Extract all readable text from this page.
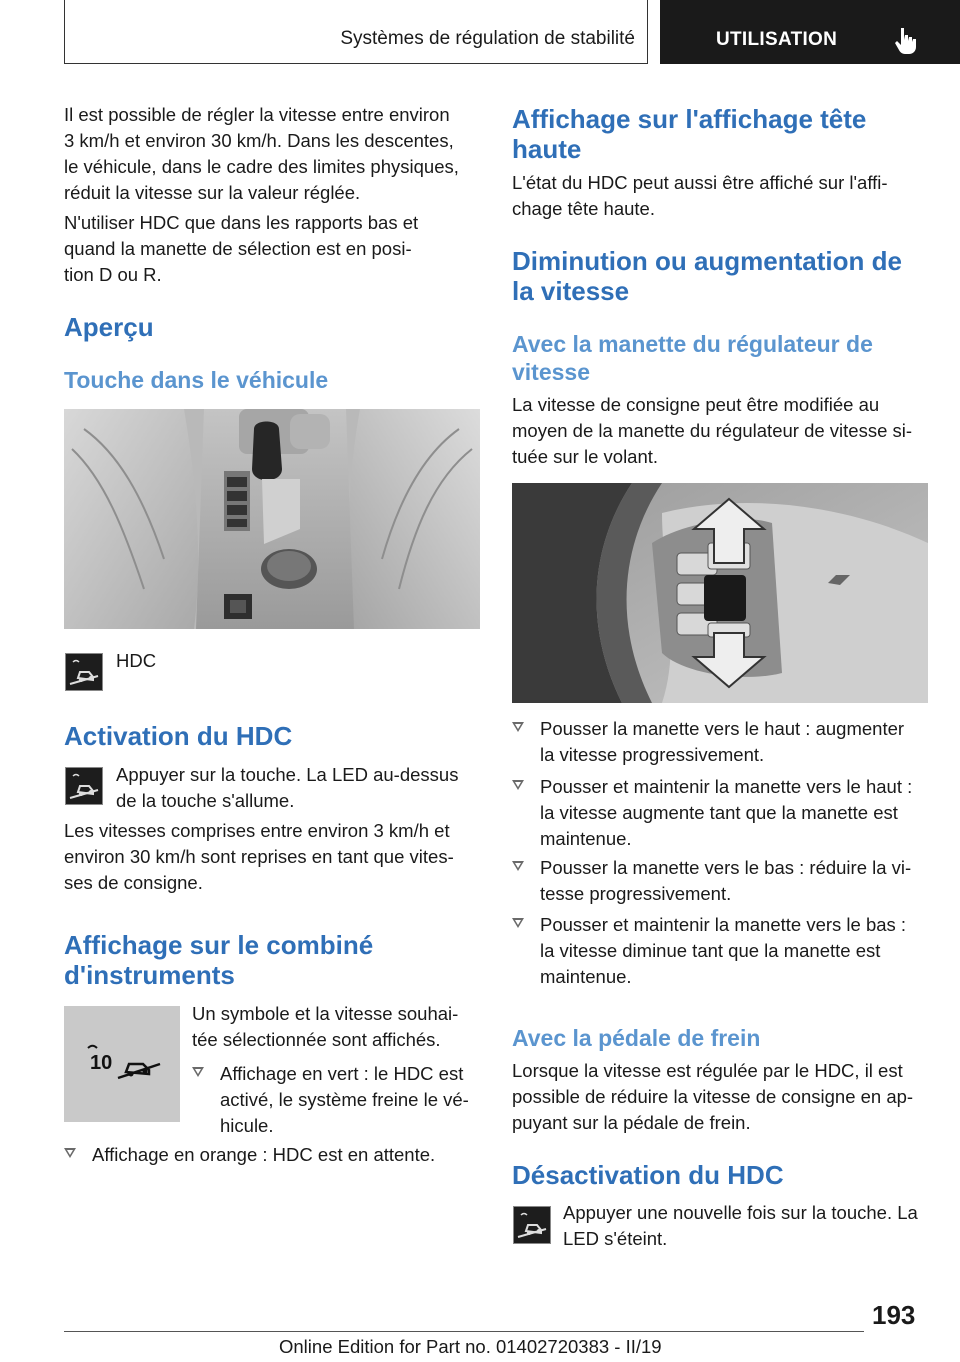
Systèmes de régulation de stabilité	UTILISATION

Il est possible de régler la vitesse entre environ
3 km/h et environ 30 km/h. Dans les descentes,
le véhicule, dans le cadre des limites physiques,
réduit la vitesse sur la valeur réglée.

N'utiliser HDC que dans les rapports bas et
quand la manette de sélection est en posi‐
tion D ou R.

Aperçu
Touche dans le véhicule
HDC
Activation du HDC

Appuyer sur la touche. La LED au-dessus
de la touche s'allume.

Les vitesses comprises entre environ 3 km/h et
environ 30 km/h sont reprises en tant que vites‐
ses de consigne.

Affichage sur le combiné
d'instruments
10

Un symbole et la vitesse souhai‐
tée sélectionnée sont affichés.

Affichage en vert : le HDC est
activé, le système freine le vé‐
hicule.
Affichage en orange : HDC est en attente.
Affichage sur l'affichage tête
haute

L'état du HDC peut aussi être affiché sur l'affi‐
chage tête haute.

Diminution ou augmentation de
la vitesse
Avec la manette du régulateur de
vitesse

La vitesse de consigne peut être modifiée au
moyen de la manette du régulateur de vitesse si‐
tuée sur le volant.

Pousser la manette vers le haut : augmenter
la vitesse progressivement.
Pousser et maintenir la manette vers le haut :
la vitesse augmente tant que la manette est
maintenue.
Pousser la manette vers le bas : réduire la vi‐
tesse progressivement.
Pousser et maintenir la manette vers le bas :
la vitesse diminue tant que la manette est
maintenue.
Avec la pédale de frein

Lorsque la vitesse est régulée par le HDC, il est
possible de réduire la vitesse de consigne en ap‐
puyant sur la pédale de frein.

Désactivation du HDC

Appuyer une nouvelle fois sur la touche. La
LED s'éteint.

193
Online Edition for Part no. 01402720383 - II/19
